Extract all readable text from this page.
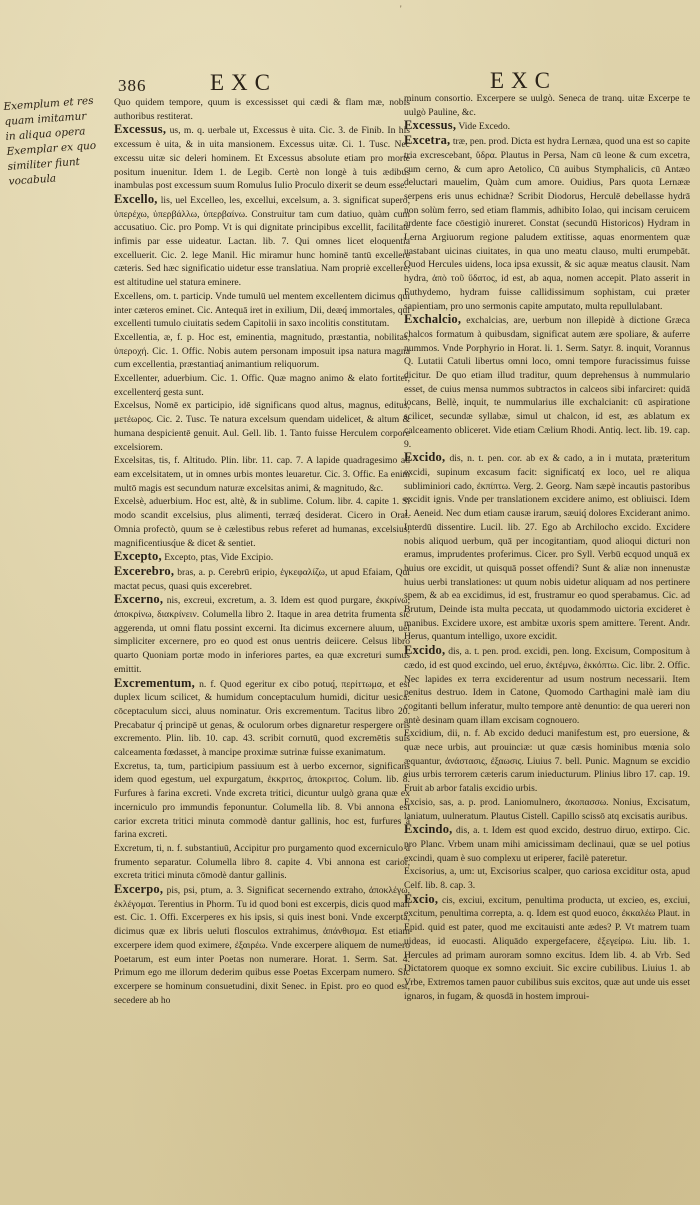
'
386	EXC	EXC
Exemplum et res
quam imitamur
in aliqua opera
Exemplar ex quo
similiter fiunt
vocabula

Quo quidem tempore, quum is excessisset qui cædi & flam mæ, nobis authoribus restiterat.

Excessus, us, m. q. uerbale ut, Excessus è uita. Cic. 3. de Finib. In his excessum è uita, & in uita mansionem. Excessus uitæ. Ci. 1. Tusc. Nec excessu uitæ sic deleri hominem. Et Excessus absolute etiam pro morte positum inuenitur. Idem 1. de Legib. Certè non longè à tuis ædibus inambulas post excessum suum Romulus Iulio Proculo dixerit se deum esse.

Excello, lis, uel Excelleo, les, excellui, excelsum, a. 3. significat supero, ὑπερέχω, ὑπερβάλλω, ὑπερβαίνω. Construitur tam cum datiuo, quàm cum accusatiuo. Cic. pro Pomp. Vt is qui dignitate principibus excellit, facilitate infimis par esse uideatur. Lactan. lib. 7. Qui omnes licet eloquentia excelluerit. Cic. 2. lege Manil. Hic miramur hunc hominē tantū excellere cæteris. Sed hæc significatio uidetur esse translatiua. Nam propriè excellere, est altitudine uel statura eminere.

Excellens, om. t. particip. Vnde tumulū uel mentem excellentem dicimus qui inter cæteros eminet. Cic. Antequā iret in exilium, Dii, deæq́ immortales, qui excellenti tumulo ciuitatis sedem Capitolii in saxo incolitis constitutam.

Excellentia, æ, f. p. Hoc est, eminentia, magnitudo, præstantia, nobilitas, ὑπεροχή. Cic. 1. Offic. Nobis autem personam imposuit ipsa natura magna cum excellentia, præstantiaq́ animantium reliquorum.

Excellenter, aduerbium. Cic. 1. Offic. Quæ magno animo & elato fortiter, excellenterq́ gesta sunt.

Excelsus, Nomē ex participio, idē significans quod altus, magnus, editus, μετέωρος. Cic. 2. Tusc. Te natura excelsum quendam uidelicet, & altum & humana despicientē genuit. Aul. Gell. lib. 1. Tanto fuisse Herculem corpore excelsiorem.

Excelsitas, tis, f. Altitudo. Plin. libr. 11. cap. 7. A lapide quadragesimo ad eam excelsitatem, ut in omnes urbis montes leuaretur. Cic. 3. Offic. Ea enim multō magis est secundum naturæ excelsitas animi, & magnitudo, &c.

Excelsè, aduerbium. Hoc est, altè, & in sublime. Colum. libr. 4. capite 1. Si modo scandit excelsius, plus alimenti, terræq́ desiderat. Cicero in Orat. Omnia profectò, quum se è cælestibus rebus referet ad humanas, excelsius, magnificentiusq́ue & dicet & sentiet.

Excepto, Excepto, ptas, Vide Excipio.

Excerebro, bras, a. p. Cerebrū eripio, ἐγκεφαλίζω, ut apud Efaiam, Qui mactat pecus, quasi quis excerebret.

Excerno, nis, excreui, excretum, a. 3. Idem est quod purgare, ἐκκρίνω, ἀποκρίνω, διακρίνειν. Columella libro 2. Itaque in area detrita frumenta sic aggerenda, ut omni flatu possint excerni. Ita dicimus excernere aluum, uel simpliciter excernere, pro eo quod est onus uentris deiicere. Celsus libro quarto Quoniam portæ modo in inferiores partes, ea quæ excreturi sumus emittit.

Excrementum, n. f. Quod egeritur ex cibo potuq́, περίττωμα, et est duplex licum scilicet, & humidum conceptaculum humidi, dicitur uesica: cōceptaculum sicci, aluus nominatur. Oris excrementum. Tacitus libro 20. Precabatur q́ principē ut genas, & oculorum orbes dignaretur respergere oris excremento. Plin. lib. 10. cap. 43. scribit cornutū, quod excremētis suis calceamenta fœdasset, à mancipe proximæ sutrinæ fuisse exanimatum.

Excretus, ta, tum, participium passiuum est à uerbo excernor, significans idem quod egestum, uel expurgatum, ἐκκριτος, ἀποκριτος. Colum. lib. 8. Furfures à farina excreti. Vnde excreta tritici, dicuntur uulgò grana quæ ex incerniculo pro immundis feponuntur. Columella lib. 8. Vbi annona est carior excreta tritici minuta commodè dantur gallinis, hoc est, furfures à farina excreti.

Excretum, ti, n. f. substantiuū, Accipitur pro purgamento quod excerniculo à frumento separatur. Columella libro 8. capite 4. Vbi annona est carior, excreta tritici minuta cōmodè dantur gallinis.

Excerpo, pis, psi, ptum, a. 3. Significat secernendo extraho, ἀποκλέγω, ἐκλέγομαι. Terentius in Phorm. Tu id quod boni est excerpis, dicis quod mali est. Cic. 1. Offi. Excerperes ex his ipsis, si quis inest boni. Vnde excerpta, dicimus quæ ex libris ueluti flosculos extrahimus, ἀπάνθισμα. Est etiam excerpere idem quod eximere, ἐξαιρέω. Vnde excerpere aliquem de numero Poetarum, est eum inter Poetas non numerare. Horat. 1. Serm. Sat. 4. Primum ego me illorum dederim quibus esse Poetas Excerpam numero. Sic excerpere se hominum consuetudini, dixit Senec. in Epist. pro eo quod est, secedere ab ho

minum consortio. Excerpere se uulgò. Seneca de tranq. uitæ Excerpe te uulgò Pauline, &c.

Excessus, Vide Excedo.

Excetra, træ, pen. prod. Dicta est hydra Lernæa, quod una est so capite tria excrescebant, ὕδρα. Plautus in Persa, Nam cū leone & cum excetra, cum cerno, & cum apro Aetolico, Cū auibus Stymphalicis, cū Antæo deluctari mauelim, Quàm cum amore. Ouidius, Pars quota Lernææ serpens eris unus echidnæ? Scribit Diodorus, Herculē debellasse hydrā non solùm ferro, sed etiam flammis, adhibito Iolao, qui incisam ceruicem ardente face cōestigiò inureret. Constat (secundū Historicos) Hydram in Lerna Argiuorum regione paludem extitisse, aquas enormentem quæ uastabant uicinas ciuitates, in qua uno meatu clauso, multi erumpebāt. Quod Hercules uidens, loca ipsa exussit, & sic aquæ meatus clausit. Nam hydra, ἀπὸ τοῦ ὕδατος, id est, ab aqua, nomen accepit. Plato asserit in Euthydemo, hydram fuisse callidissimum sophistam, cui præter sapientiam, pro uno sermonis capite amputato, multa repullulabant.

Exchalcio, exchalcias, are, uerbum non illepidè à dictione Græca chalcos formatum à quibusdam, significat autem ære spoliare, & auferre nummos. Vnde Porphyrio in Horat. li. 1. Serm. Satyr. 8. inquit, Vorannus Q. Lutatii Catuli libertus omni loco, omni tempore furacissimus fuisse dicitur. De quo etiam illud traditur, quum deprehensus à nummulario esset, de cuius mensa nummos subtractos in calceos sibi infarciret: quidā iocans, Bellè, inquit, te nummularius ille exchalcianit: cū aspiratione scilicet, secundæ syllabæ, simul ut chalcon, id est, æs ablatum ex calceamento obliceret. Vide etiam Cælium Rhodi. Antiq. lect. lib. 19. cap. 9.

Excido, dis, n. t. pen. cor. ab ex & cado, a in i mutata, præteritum excidi, supinum excasum facit: significatq́ ex loco, uel re aliqua subliminiori cado, ἐκπίπτω. Verg. 2. Georg. Nam sæpè incautis pastoribus excidit ignis. Vnde per translationem excidere animo, est obliuisci. Idem 1. Aeneid. Nec dum etiam causæ irarum, sæuiq́ dolores Exciderant animo. Interdū dissentire. Lucil. lib. 27. Ego ab Archilocho excido. Excidere nobis aliquod uerbum, quā per incogitantiam, quod alioqui dicturi non eramus, imprudentes proferimus. Cicer. pro Syll. Verbū ecquod unquā ex huius ore excidit, ut quisquā posset offendi? Sunt & aliæ non innenustæ huius uerbi translationes: ut quum nobis uidetur aliquam ad nos pertinere spem, & ab ea excidimus, id est, frustramur eo quod sperabamus. Cic. ad Brutum, Deinde ista multa peccata, ut quodammodo uictoria excideret è manibus. Excidere uxore, est ambitæ uxoris spem amittere. Terent. Andr. Herus, quantum intelligo, uxore excidit.

Excido, dis, a. t. pen. prod. excidi, pen. long. Excisum, Compositum à cædo, id est quod excindo, uel eruo, ἐκτέμνω, ἐκκόπτω. Cic. libr. 2. Offic. Nec lapides ex terra exciderentur ad usum nostrum necessarii. Item penitus destruo. Idem in Catone, Quomodo Carthagini malè iam diu cogitanti bellum inferatur, multo tempore antè denuntio: de qua uereri non antè desinam quam illam excisam cognouero.

Excidium, dii, n. f. Ab excido deduci manifestum est, pro euersione, & quæ nece urbis, aut prouinciæ: ut quæ cæsis hominibus mœnia solo æquantur, ἀνάστασις, ἐξαωσις. Liuius 7. bell. Punic. Magnum se excidio eius urbis terrorem cæteris carum inieducturum. Plinius libro 17. cap. 19. Fruit ab arbor fatalis excidio urbis.

Excisio, sas, a. p. prod. Laniomulnero, ἀκοπασσω. Nonius, Excisatum, laniatum, uulneratum. Plautus Cistell. Capillo scissō atq excisatis auribus.

Excindo, dis, a. t. Idem est quod excido, destruo diruo, extirpo. Cic. pro Planc. Vrbem unam mihi amicissimam declinaui, quæ se uel potius excindi, quam è suo complexu ut eriperer, facilè pateretur.

Excisorius, a, um: ut, Excisorius scalper, quo cariosa exciditur osta, apud Celf. lib. 8. cap. 3.

Excio, cis, exciui, excitum, penultima producta, ut excieo, es, exciui, excitum, penultima correpta, a. q. Idem est quod euoco, ἐκκαλέω Plaut. in Epid. quid est pater, quod me excitauisti ante ædes? P. Vt matrem tuam uideas, id euocasti. Aliquādo expergefacere, ἐξεγείρω. Liu. lib. 1. Hercules ad primam auroram somno excitus. Idem lib. 4. ab Vrb. Sed Dictatorem quoque ex somno exciuit. Sic excire cubilibus. Liuius 1. ab Vrbe, Extremos tamen pauor cubilibus suis excitos, quæ aut unde uis esset ignaros, in fugam, & quosdā in hostem improui-
